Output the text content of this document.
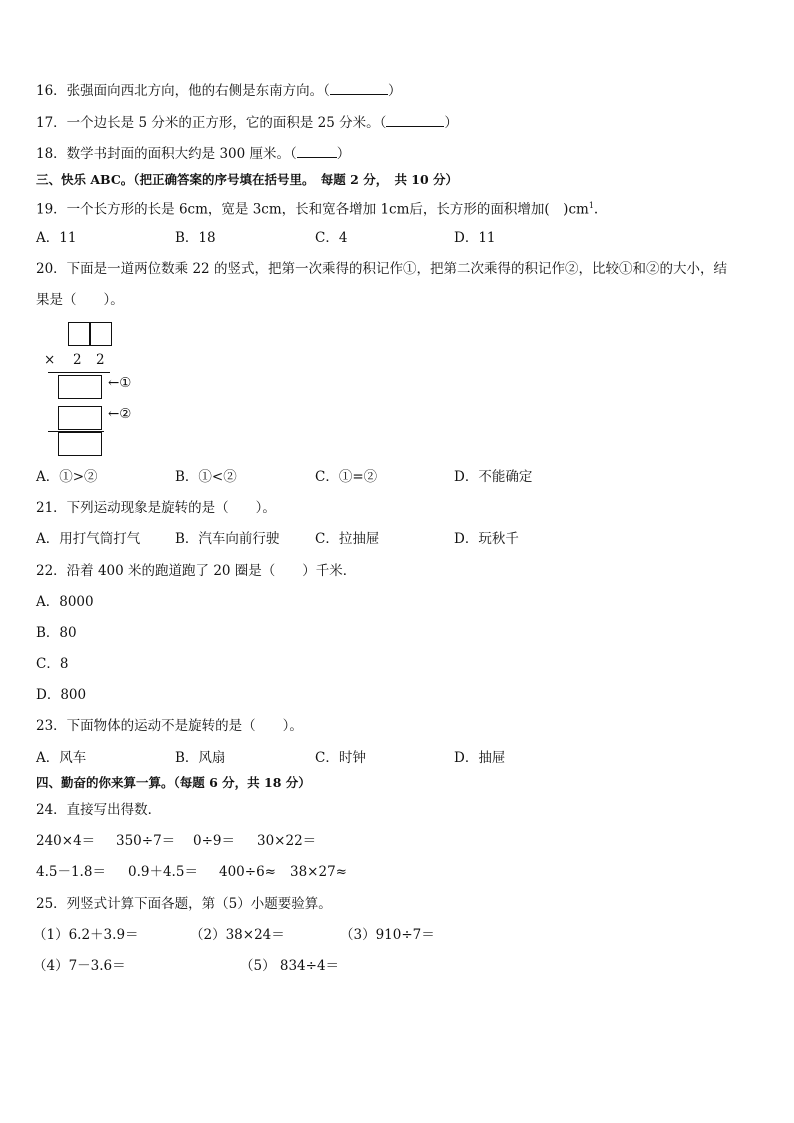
16．张强面向西北方向，他的右侧是东南方向。（	）
17．一个边长是 5 分米的正方形，它的面积是 25 分米。（	）
18．数学书封面的面积大约是 300 厘米。（	）
三、快乐 ABC。（把正确答案的序号填在括号里。　每题 2 分，　共 10 分）
19．一个长方形的长是 6cm，宽是 3cm，长和宽各增加 1cm后，长方形的面积增加(　)$cm^1$.
A．11	B．18	C．4	D．11
20．下面是一道两位数乘 22 的竖式，把第一次乘得的积记作①，把第二次乘得的积记作②，比较①和②的大小，结
果是（　　）。
× 2 2
←①
←②
A．①>②	B．①<②	C．①=②	D．不能确定
21．下列运动现象是旋转的是（　　）。
A．用打气筒打气	B．汽车向前行驶	C．拉抽屉	D．玩秋千
22．沿着 400 米的跑道跑了 20 圈是（　　）千米．
A．8000
B．80
C．8
D．800
23．下面物体的运动不是旋转的是（　　）。
A．风车	B．风扇	C．时钟	D．抽屉
四、勤奋的你来算一算。（每题 6 分，共 18 分）
24．直接写出得数．
240×4＝ 350÷7＝ 0÷9＝ 30×22＝
4.5－1.8＝ 0.9＋4.5＝ 400÷6≈ 38×27≈
25．列竖式计算下面各题，第（5）小题要验算。
（1）6.2＋3.9＝	（2）38×24＝	（3）910÷7＝
（4）7－3.6＝	（5） 834÷4＝
